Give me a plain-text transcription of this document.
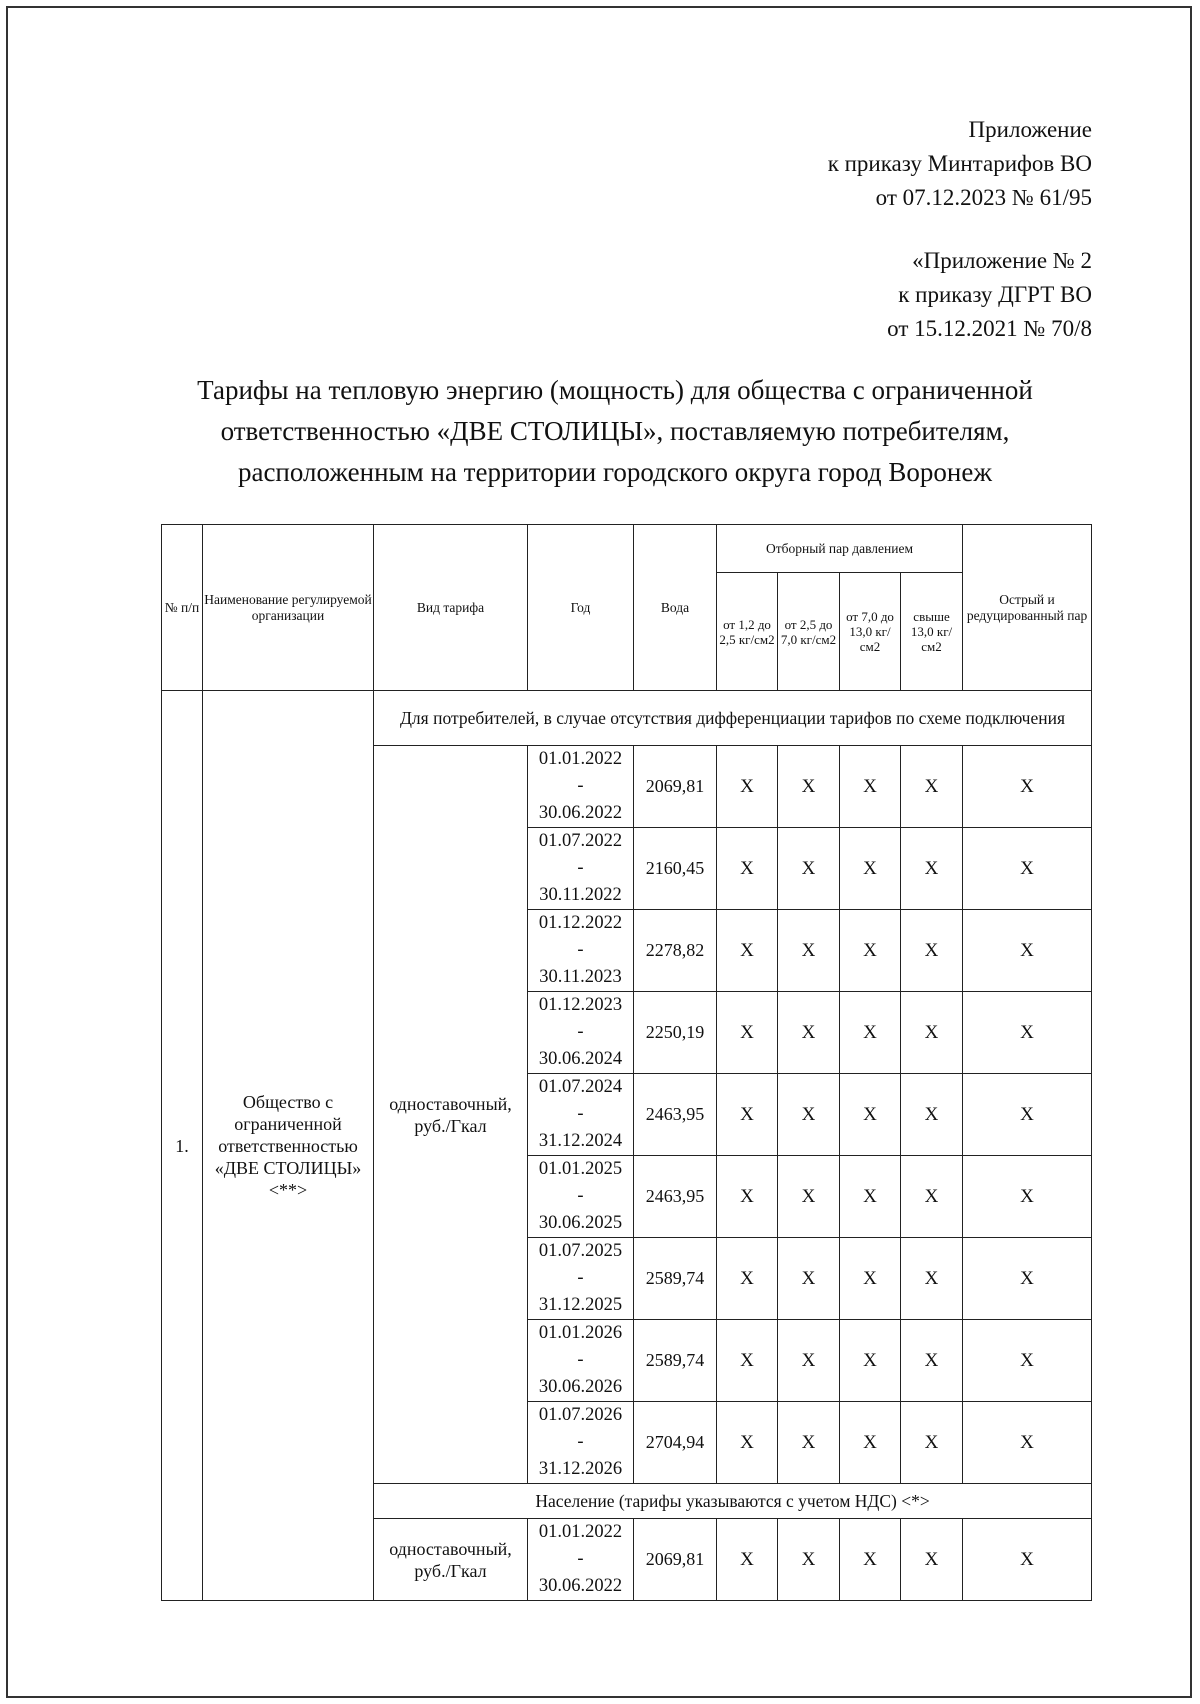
Приложение
к приказу Минтарифов ВО
от 07.12.2023 № 61/95
«Приложение № 2
к приказу ДГРТ ВО
от 15.12.2021 № 70/8
Тарифы на тепловую энергию (мощность) для общества с ограниченной
ответственностью «ДВЕ СТОЛИЦЫ», поставляемую потребителям,
расположенным на территории городского округа город Воронеж
№ п/п	Наименование регулируемой организации	Вид тарифа	Год	Вода	Отборный пар давлением				Острый и редуцированный пар
					от 1,2 до 2,5 кг/см2	от 2,5 до 7,0 кг/см2	от 7,0 до 13,0 кг/см2	свыше 13,0 кг/см2	
1.	Общество с ограниченной ответственностью «ДВЕ СТОЛИЦЫ» <**>	Для потребителей, в случае отсутствия дифференциации тарифов по схеме подключения							
		одноставочный, руб./Гкал	01.01.2022
-
30.06.2022	2069,81	Х	Х	Х	Х	Х

			01.07.2022
-
30.11.2022	2160,45	Х	Х	Х	Х	Х

			01.12.2022
-
30.11.2023	2278,82	Х	Х	Х	Х	Х

			01.12.2023
-
30.06.2024	2250,19	Х	Х	Х	Х	Х

			01.07.2024
-
31.12.2024	2463,95	Х	Х	Х	Х	Х

			01.01.2025
-
30.06.2025	2463,95	Х	Х	Х	Х	Х

			01.07.2025
-
31.12.2025	2589,74	Х	Х	Х	Х	Х

			01.01.2026
-
30.06.2026	2589,74	Х	Х	Х	Х	Х

			01.07.2026
-
31.12.2026	2704,94	Х	Х	Х	Х	Х
		Население (тарифы указываются с учетом НДС) <*>							
		одноставочный, руб./Гкал	01.01.2022
-
30.06.2022	2069,81	Х	Х	Х	Х	Х
